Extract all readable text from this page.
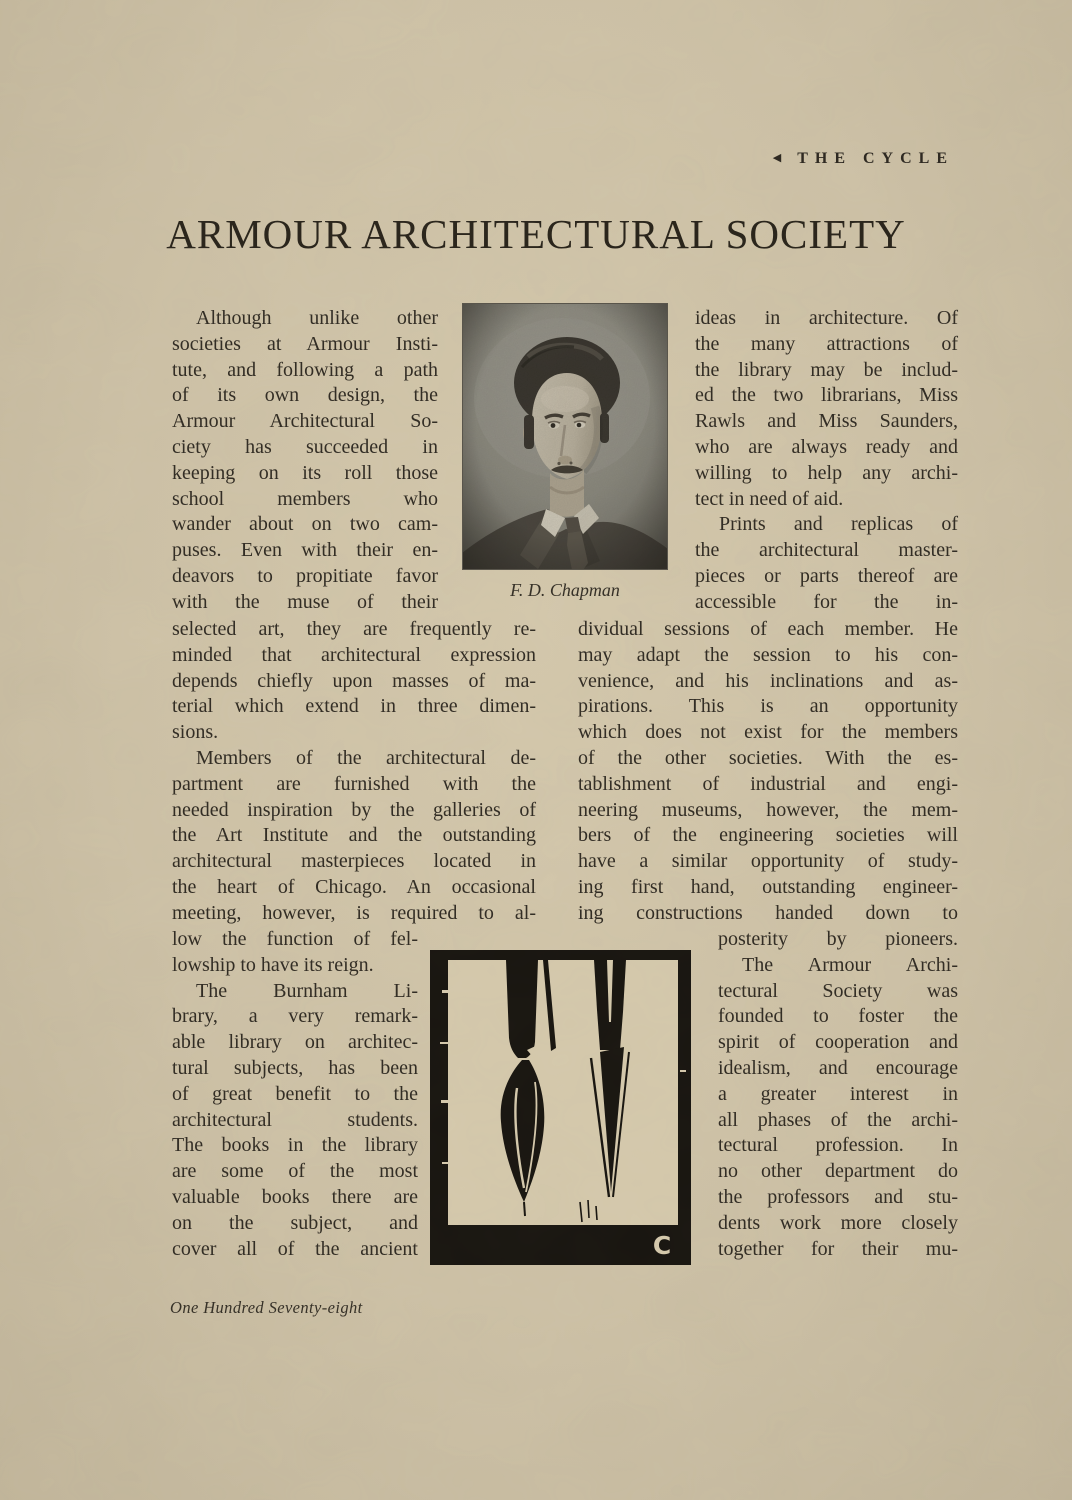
◀ THE CYCLE
ARMOUR ARCHITECTURAL SOCIETY
F. D. Chapman
Although unlike other
societies at Armour Insti-
tute, and following a path
of its own design, the
Armour Architectural So-
ciety has succeeded in
keeping on its roll those
school members who
wander about on two cam-
puses. Even with their en-
deavors to propitiate favor
with the muse of their
ideas in architecture. Of
the many attractions of
the library may be includ-
ed the two librarians, Miss
Rawls and Miss Saunders,
who are always ready and
willing to help any archi-
tect in need of aid.
Prints and replicas of
the architectural master-
pieces or parts thereof are
accessible for the in-
selected art, they are frequently re-
minded that architectural expression
depends chiefly upon masses of ma-
terial which extend in three dimen-
sions.
Members of the architectural de-
partment are furnished with the
needed inspiration by the galleries of
the Art Institute and the outstanding
architectural masterpieces located in
the heart of Chicago. An occasional
meeting, however, is required to al-
dividual sessions of each member. He
may adapt the session to his con-
venience, and his inclinations and as-
pirations. This is an opportunity
which does not exist for the members
of the other societies. With the es-
tablishment of industrial and engi-
neering museums, however, the mem-
bers of the engineering societies will
have a similar opportunity of study-
ing first hand, outstanding engineer-
ing constructions handed down to
low the function of fel-
lowship to have its reign.
The Burnham Li-
brary, a very remark-
able library on architec-
tural subjects, has been
of great benefit to the
architectural students.
The books in the library
are some of the most
valuable books there are
on the subject, and
cover all of the ancient
posterity by pioneers.
The Armour Archi-
tectural Society was
founded to foster the
spirit of cooperation and
idealism, and encourage
a greater interest in
all phases of the archi-
tectural profession. In
no other department do
the professors and stu-
dents work more closely
together for their mu-
C
One Hundred Seventy-eight
